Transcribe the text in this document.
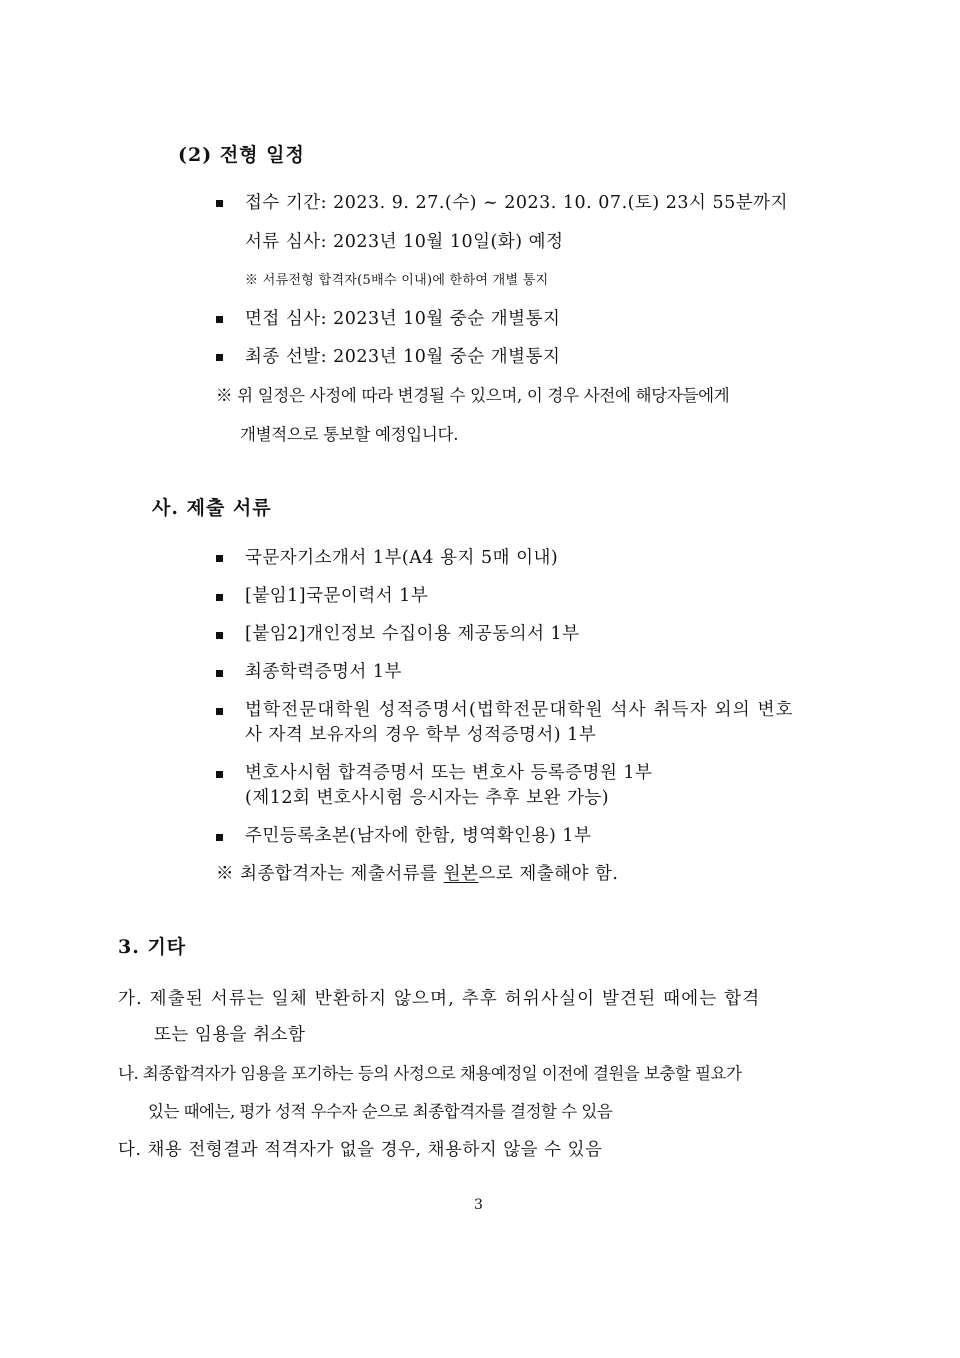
(2) 전형 일정
접수 기간: 2023. 9. 27.(수) ~ 2023. 10. 07.(토) 23시 55분까지
서류 심사: 2023년 10월 10일(화) 예정
※ 서류전형 합격자(5배수 이내)에 한하여 개별 통지
면접 심사: 2023년 10월 중순 개별통지
최종 선발: 2023년 10월 중순 개별통지
※ 위 일정은 사정에 따라 변경될 수 있으며, 이 경우 사전에 해당자들에게
개별적으로 통보할 예정입니다.
사. 제출 서류
국문자기소개서 1부(A4 용지 5매 이내)
[붙임1]국문이력서 1부
[붙임2]개인정보 수집이용 제공동의서 1부
최종학력증명서 1부
법학전문대학원 성적증명서(법학전문대학원 석사 취득자 외의 변호
사 자격 보유자의 경우 학부 성적증명서) 1부
변호사시험 합격증명서 또는 변호사 등록증명원 1부
(제12회 변호사시험 응시자는 추후 보완 가능)
주민등록초본(남자에 한함, 병역확인용) 1부
※ 최종합격자는 제출서류를 원본으로 제출해야 함.
3. 기타
가. 제출된 서류는 일체 반환하지 않으며, 추후 허위사실이 발견된 때에는 합격
또는 임용을 취소함
나. 최종합격자가 임용을 포기하는 등의 사정으로 채용예정일 이전에 결원을 보충할 필요가
있는 때에는, 평가 성적 우수자 순으로 최종합격자를 결정할 수 있음
다. 채용 전형결과 적격자가 없을 경우, 채용하지 않을 수 있음
3
